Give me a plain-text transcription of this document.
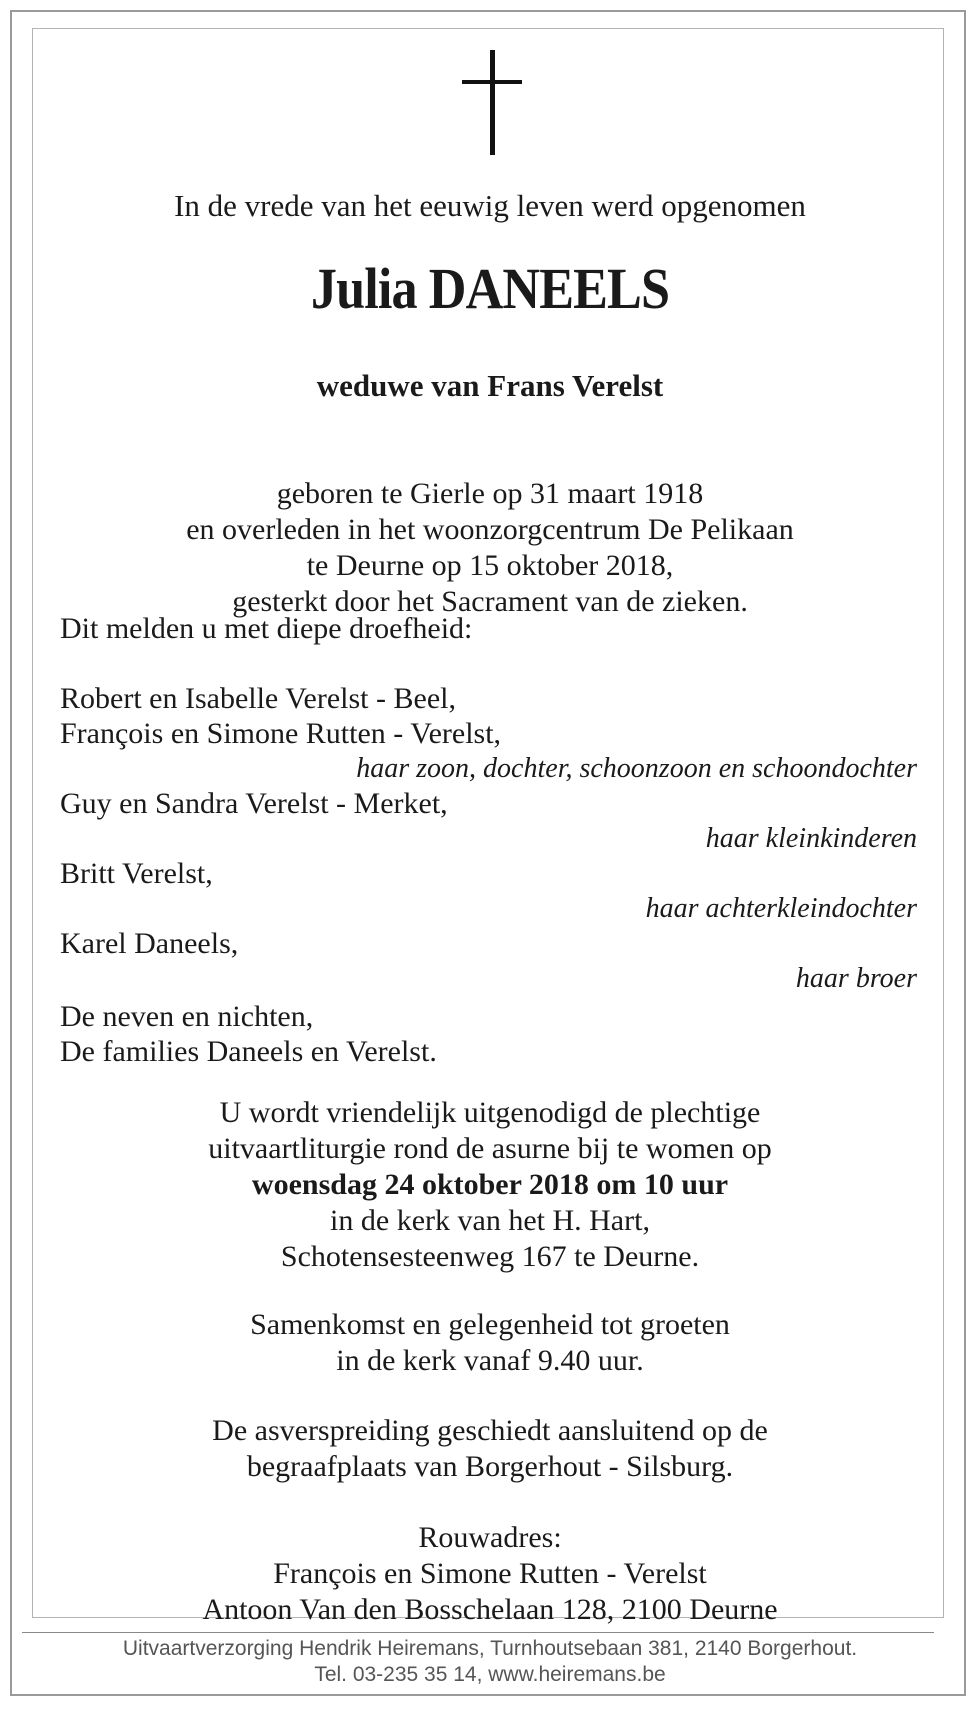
In de vrede van het eeuwig leven werd opgenomen
Julia DANEELS
weduwe van Frans Verelst
geboren te Gierle op 31 maart 1918
en overleden in het woonzorgcentrum De Pelikaan
te Deurne op 15 oktober 2018,
gesterkt door het Sacrament van de zieken.
Dit melden u met diepe droefheid:
Robert en Isabelle Verelst - Beel,
François en Simone Rutten - Verelst,
haar zoon, dochter, schoonzoon en schoondochter
Guy en Sandra Verelst - Merket,
haar kleinkinderen
Britt Verelst,
haar achterkleindochter
Karel Daneels,
haar broer
De neven en nichten,
De families Daneels en Verelst.
U wordt vriendelijk uitgenodigd de plechtige
uitvaartliturgie rond de asurne bij te women op
woensdag 24 oktober 2018 om 10 uur
in de kerk van het H. Hart,
Schotensesteenweg 167 te Deurne.
Samenkomst en gelegenheid tot groeten
in de kerk vanaf 9.40 uur.
De asverspreiding geschiedt aansluitend op de
begraafplaats van Borgerhout - Silsburg.
Rouwadres:
François en Simone Rutten - Verelst
Antoon Van den Bosschelaan 128, 2100 Deurne
Uitvaartverzorging Hendrik Heiremans, Turnhoutsebaan 381, 2140 Borgerhout.
Tel. 03-235 35 14, www.heiremans.be
